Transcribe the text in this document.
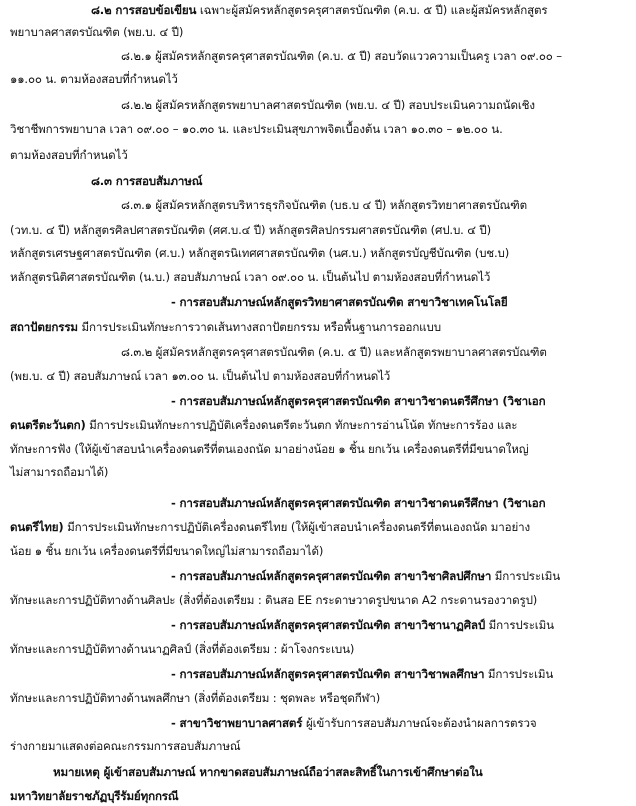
๘.๒ การสอบข้อเขียน เฉพาะผู้สมัครหลักสูตรครุศาสตรบัณฑิต (ค.บ. ๕ ปี) และผู้สมัครหลักสูตร
พยาบาลศาสตรบัณฑิต (พย.บ. ๔ ปี)
๘.๒.๑ ผู้สมัครหลักสูตรครุศาสตรบัณฑิต (ค.บ. ๕ ปี) สอบวัดแววความเป็นครู เวลา ๐๙.๐๐ –
๑๑.๐๐ น. ตามห้องสอบที่กำหนดไว้
๘.๒.๒ ผู้สมัครหลักสูตรพยาบาลศาสตรบัณฑิต (พย.บ. ๔ ปี) สอบประเมินความถนัดเชิง
วิชาชีพการพยาบาล เวลา ๐๙.๐๐ – ๑๐.๓๐ น. และประเมินสุขภาพจิตเบื้องต้น เวลา ๑๐.๓๐ – ๑๒.๐๐ น.
ตามห้องสอบที่กำหนดไว้
๘.๓ การสอบสัมภาษณ์
๘.๓.๑ ผู้สมัครหลักสูตรบริหารธุรกิจบัณฑิต (บธ.บ ๔ ปี) หลักสูตรวิทยาศาสตรบัณฑิต
(วท.บ. ๔ ปี) หลักสูตรศิลปศาสตรบัณฑิต (ศศ.บ.๔ ปี) หลักสูตรศิลปกรรมศาสตรบัณฑิต (ศป.บ. ๔ ปี)
หลักสูตรเศรษฐศาสตรบัณฑิต (ศ.บ.) หลักสูตรนิเทศศาสตรบัณฑิต (นศ.บ.) หลักสูตรบัญชีบัณฑิต (บช.บ)
หลักสูตรนิติศาสตรบัณฑิต (น.บ.) สอบสัมภาษณ์ เวลา ๐๙.๐๐ น. เป็นต้นไป ตามห้องสอบที่กำหนดไว้
- การสอบสัมภาษณ์หลักสูตรวิทยาศาสตรบัณฑิต สาขาวิชาเทคโนโลยี
สถาปัตยกรรม มีการประเมินทักษะการวาดเส้นทางสถาปัตยกรรม หรือพื้นฐานการออกแบบ
๘.๓.๒ ผู้สมัครหลักสูตรครุศาสตรบัณฑิต (ค.บ. ๕ ปี) และหลักสูตรพยาบาลศาสตรบัณฑิต
(พย.บ. ๔ ปี) สอบสัมภาษณ์ เวลา ๑๓.๐๐ น. เป็นต้นไป ตามห้องสอบที่กำหนดไว้
- การสอบสัมภาษณ์หลักสูตรครุศาสตรบัณฑิต สาขาวิชาดนตรีศึกษา (วิชาเอก
ดนตรีตะวันตก) มีการประเมินทักษะการปฏิบัติเครื่องดนตรีตะวันตก ทักษะการอ่านโน้ต ทักษะการร้อง และ
ทักษะการฟัง (ให้ผู้เข้าสอบนำเครื่องดนตรีที่ตนเองถนัด มาอย่างน้อย ๑ ชิ้น ยกเว้น เครื่องดนตรีที่มีขนาดใหญ่
ไม่สามารถถือมาได้)
- การสอบสัมภาษณ์หลักสูตรครุศาสตรบัณฑิต สาขาวิชาดนตรีศึกษา (วิชาเอก
ดนตรีไทย) มีการประเมินทักษะการปฏิบัติเครื่องดนตรีไทย (ให้ผู้เข้าสอบนำเครื่องดนตรีที่ตนเองถนัด มาอย่าง
น้อย ๑ ชิ้น ยกเว้น เครื่องดนตรีที่มีขนาดใหญ่ไม่สามารถถือมาได้)
- การสอบสัมภาษณ์หลักสูตรครุศาสตรบัณฑิต สาขาวิชาศิลปศึกษา มีการประเมิน
ทักษะและการปฏิบัติทางด้านศิลปะ (สิ่งที่ต้องเตรียม : ดินสอ EE กระดาษวาดรูปขนาด A2 กระดานรองวาดรูป)
- การสอบสัมภาษณ์หลักสูตรครุศาสตรบัณฑิต สาขาวิชานาฏศิลป์ มีการประเมิน
ทักษะและการปฏิบัติทางด้านนาฏศิลป์ (สิ่งที่ต้องเตรียม : ผ้าโจงกระเบน)
- การสอบสัมภาษณ์หลักสูตรครุศาสตรบัณฑิต สาขาวิชาพลศึกษา มีการประเมิน
ทักษะและการปฏิบัติทางด้านพลศึกษา (สิ่งที่ต้องเตรียม : ชุดพละ หรือชุดกีฬา)
- สาขาวิชาพยาบาลศาสตร์ ผู้เข้ารับการสอบสัมภาษณ์จะต้องนำผลการตรวจ
ร่างกายมาแสดงต่อคณะกรรมการสอบสัมภาษณ์
หมายเหตุ ผู้เข้าสอบสัมภาษณ์ หากขาดสอบสัมภาษณ์ถือว่าสละสิทธิ์ในการเข้าศึกษาต่อใน
มหาวิทยาลัยราชภัฏบุรีรัมย์ทุกกรณี
